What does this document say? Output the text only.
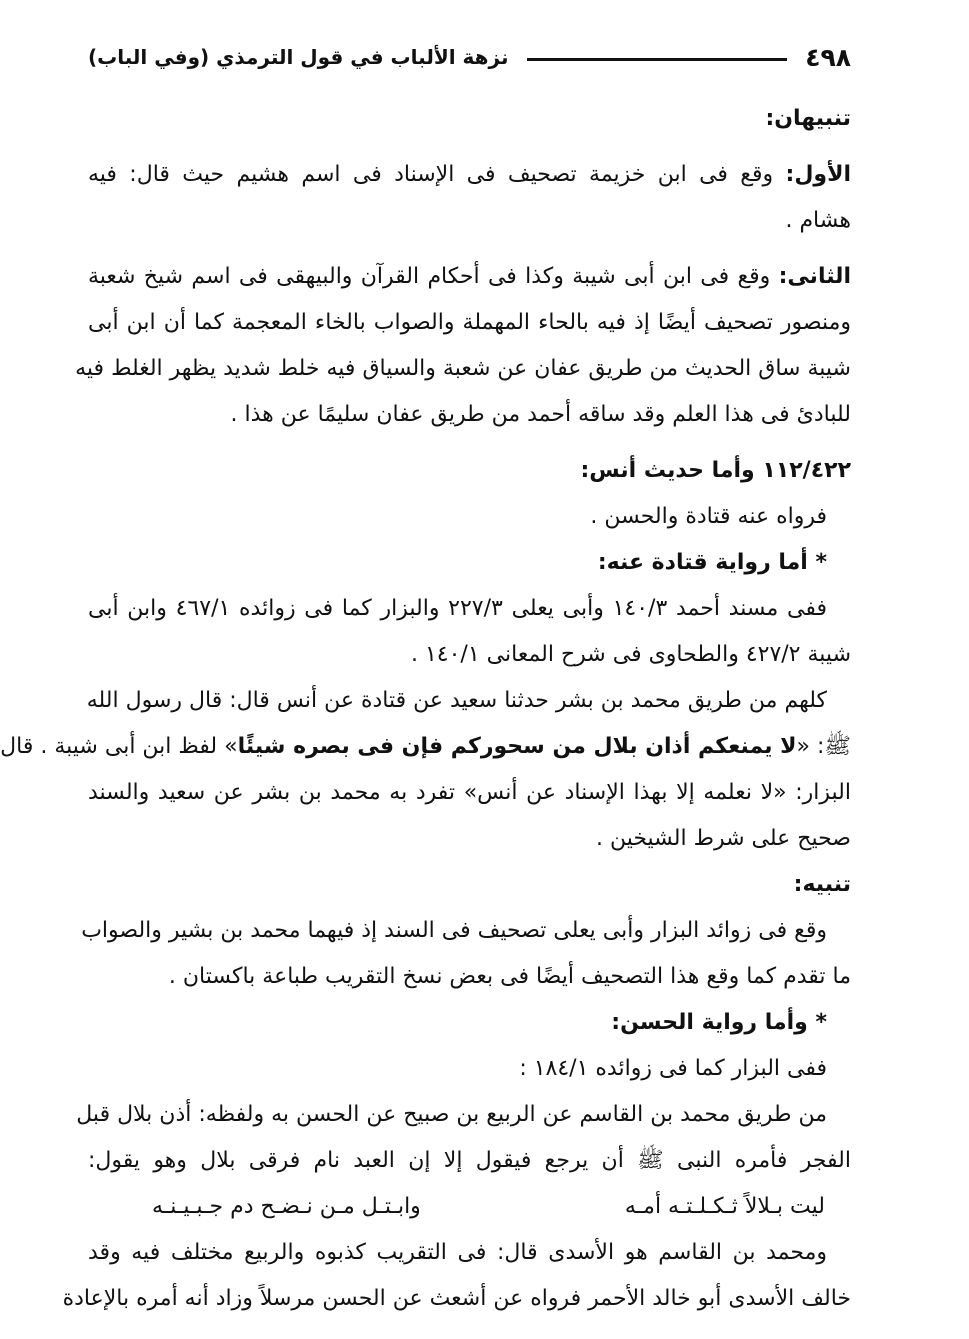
٤٩٨
نزهة الألباب في قول الترمذي (وفي الباب)
تنبيهان:
الأول: وقع فى ابن خزيمة تصحيف فى الإسناد فى اسم هشيم حيث قال: فيه
هشام .
الثانى: وقع فى ابن أبى شيبة وكذا فى أحكام القرآن والبيهقى فى اسم شيخ شعبة
ومنصور تصحيف أيضًا إذ فيه بالحاء المهملة والصواب بالخاء المعجمة كما أن ابن أبى
شيبة ساق الحديث من طريق عفان عن شعبة والسياق فيه خلط شديد يظهر الغلط فيه
للبادئ فى هذا العلم وقد ساقه أحمد من طريق عفان سليمًا عن هذا .
١١٢/٤٢٢ وأما حديث أنس:
فرواه عنه قتادة والحسن .
* أما رواية قتادة عنه:
ففى مسند أحمد ١٤٠/٣ وأبى يعلى ٢٢٧/٣ والبزار كما فى زوائده ٤٦٧/١ وابن أبى
شيبة ٤٢٧/٢ والطحاوى فى شرح المعانى ١٤٠/١ .
كلهم من طريق محمد بن بشر حدثنا سعيد عن قتادة عن أنس قال: قال رسول الله
ﷺ: «لا يمنعكم أذان بلال من سحوركم فإن فى بصره شيئًا» لفظ ابن أبى شيبة . قال
البزار: «لا نعلمه إلا بهذا الإسناد عن أنس» تفرد به محمد بن بشر عن سعيد والسند
صحيح على شرط الشيخين .
تنبيه:
وقع فى زوائد البزار وأبى يعلى تصحيف فى السند إذ فيهما محمد بن بشير والصواب
ما تقدم كما وقع هذا التصحيف أيضًا فى بعض نسخ التقريب طباعة باكستان .
* وأما رواية الحسن:
ففى البزار كما فى زوائده ١٨٤/١ :
من طريق محمد بن القاسم عن الربيع بن صبيح عن الحسن به ولفظه: أذن بلال قبل
الفجر فأمره النبى ﷺ أن يرجع فيقول إلا إن العبد نام فرقى بلال وهو يقول:
ليت بـلالاً ثـكـلـتـه أمـه
وابـتـل مـن نـضـح دم جـبـيـنـه
ومحمد بن القاسم هو الأسدى قال: فى التقريب كذبوه والربيع مختلف فيه وقد
خالف الأسدى أبو خالد الأحمر فرواه عن أشعث عن الحسن مرسلاً وزاد أنه أمره بالإعادة
